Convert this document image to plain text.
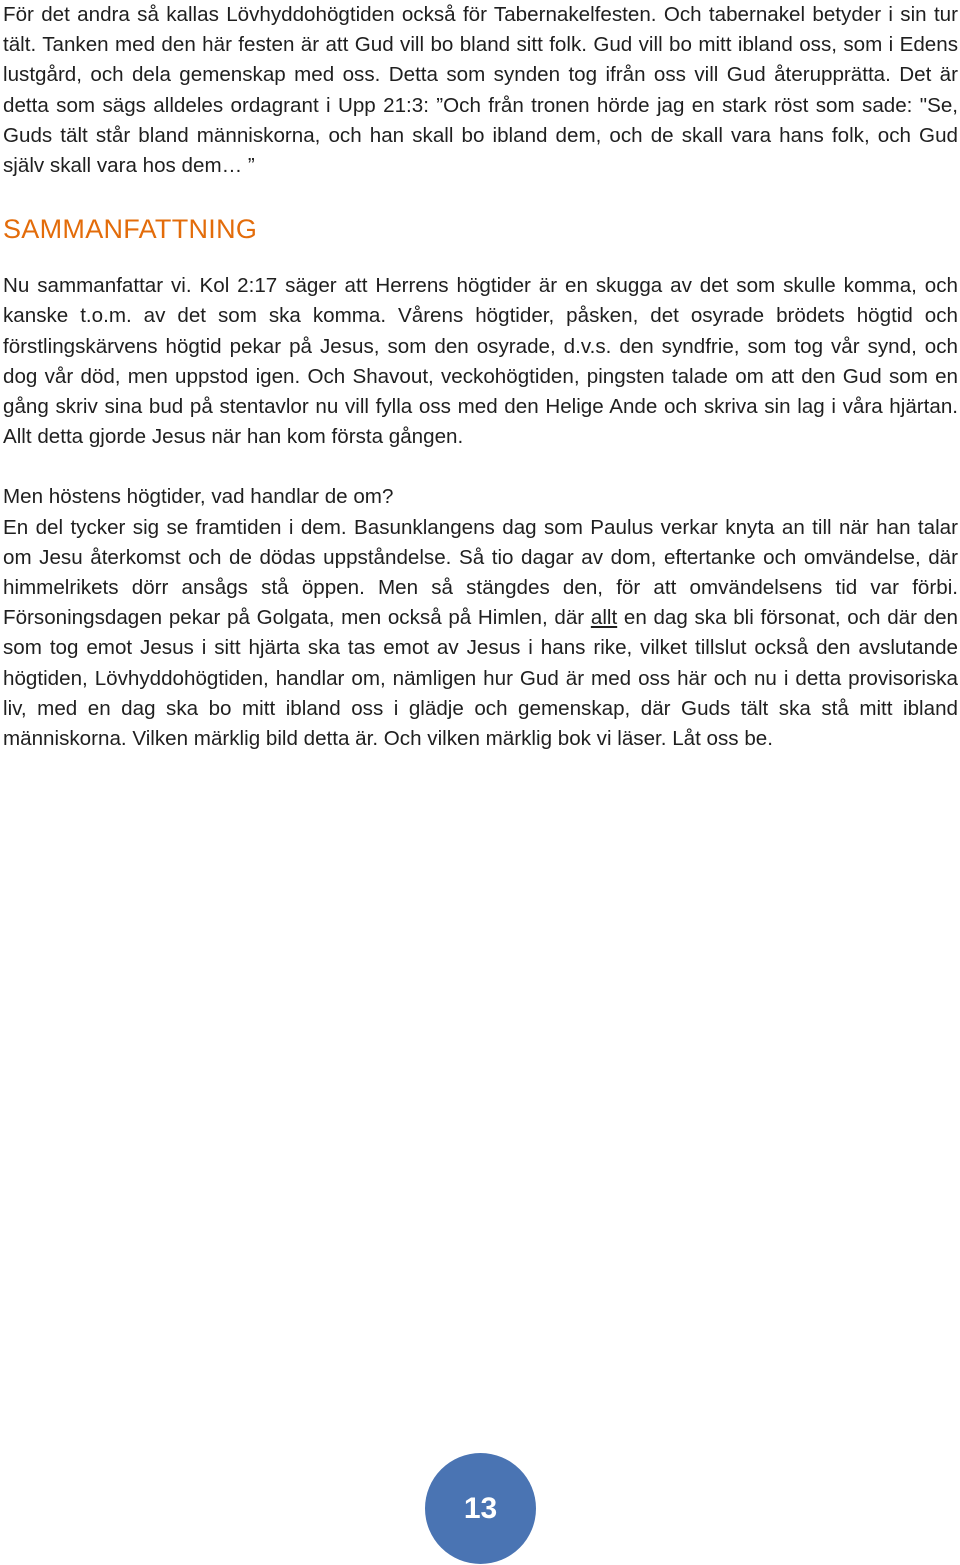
För det andra så kallas Lövhyddohögtiden också för Tabernakelfesten. Och tabernakel betyder i sin tur tält. Tanken med den här festen är att Gud vill bo bland sitt folk. Gud vill bo mitt ibland oss, som i Edens lustgård, och dela gemenskap med oss. Detta som synden tog ifrån oss vill Gud återupprätta. Det är detta som sägs alldeles ordagrant i Upp 21:3: ”Och från tronen hörde jag en stark röst som sade: "Se, Guds tält står bland människorna, och han skall bo ibland dem, och de skall vara hans folk, och Gud själv skall vara hos dem… ”

SAMMANFATTNING

Nu sammanfattar vi. Kol 2:17 säger att Herrens högtider är en skugga av det som skulle komma, och kanske t.o.m. av det som ska komma. Vårens högtider, påsken, det osyrade brödets högtid och förstlingskärvens högtid pekar på Jesus, som den osyrade, d.v.s. den syndfrie, som tog vår synd, och dog vår död, men uppstod igen. Och Shavout, veckohögtiden, pingsten talade om att den Gud som en gång skriv sina bud på stentavlor nu vill fylla oss med den Helige Ande och skriva sin lag i våra hjärtan. Allt detta gjorde Jesus när han kom första gången.

Men höstens högtider, vad handlar de om?
En del tycker sig se framtiden i dem. Basunklangens dag som Paulus verkar knyta an till när han talar om Jesu återkomst och de dödas uppståndelse. Så tio dagar av dom, eftertanke och omvändelse, där himmelrikets dörr ansågs stå öppen. Men så stängdes den, för att omvändelsens tid var förbi. Försoningsdagen pekar på Golgata, men också på Himlen, där allt en dag ska bli försonat, och där den som tog emot Jesus i sitt hjärta ska tas emot av Jesus i hans rike, vilket tillslut också den avslutande högtiden, Lövhyddohögtiden, handlar om, nämligen hur Gud är med oss här och nu i detta provisoriska liv, med en dag ska bo mitt ibland oss i glädje och gemenskap, där Guds tält ska stå mitt ibland människorna. Vilken märklig bild detta är. Och vilken märklig bok vi läser. Låt oss be.

13
